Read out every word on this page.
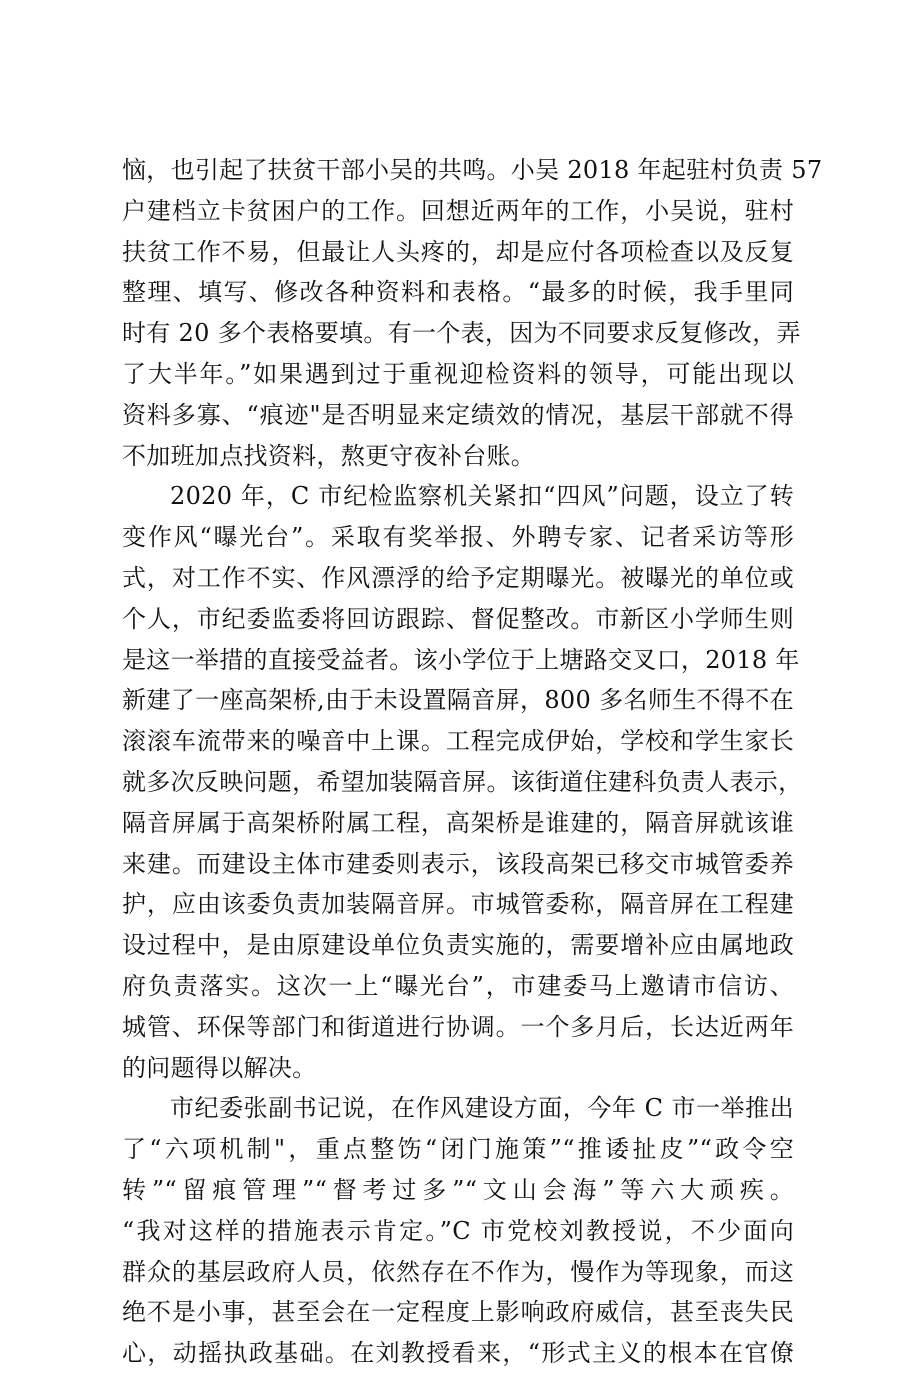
恼，也引起了扶贫干部小吴的共鸣。小吴 2018 年起驻村负责 57
户建档立卡贫困户的工作。回想近两年的工作，小吴说，驻村
扶贫工作不易，但最让人头疼的，却是应付各项检查以及反复
整理、填写、修改各种资料和表格。“最多的时候，我手里同
时有 20 多个表格要填。有一个表，因为不同要求反复修改，弄
了大半年。”如果遇到过于重视迎检资料的领导，可能出现以
资料多寡、“痕迹"是否明显来定绩效的情况，基层干部就不得
不加班加点找资料，熬更守夜补台账。
2020 年，C 市纪检监察机关紧扣“四风”问题，设立了转
变作风“曝光台”。采取有奖举报、外聘专家、记者采访等形
式，对工作不实、作风漂浮的给予定期曝光。被曝光的单位或
个人，市纪委监委将回访跟踪、督促整改。市新区小学师生则
是这一举措的直接受益者。该小学位于上塘路交叉口，2018 年
新建了一座高架桥,由于未设置隔音屏，800 多名师生不得不在
滚滚车流带来的噪音中上课。工程完成伊始，学校和学生家长
就多次反映问题，希望加装隔音屏。该街道住建科负责人表示，
隔音屏属于高架桥附属工程，高架桥是谁建的，隔音屏就该谁
来建。而建设主体市建委则表示，该段高架已移交市城管委养
护，应由该委负责加装隔音屏。市城管委称，隔音屏在工程建
设过程中，是由原建设单位负责实施的，需要增补应由属地政
府负责落实。这次一上“曝光台”，市建委马上邀请市信访、
城管、环保等部门和街道进行协调。一个多月后，长达近两年
的问题得以解决。
市纪委张副书记说，在作风建设方面，今年 C 市一举推出
了“六项机制"，重点整饬“闭门施策”“推诿扯皮”“政令空
转”“留痕管理”“督考过多”“文山会海”等六大顽疾。
“我对这样的措施表示肯定。”C 市党校刘教授说，不少面向
群众的基层政府人员，依然存在不作为，慢作为等现象，而这
绝不是小事，甚至会在一定程度上影响政府威信，甚至丧失民
心，动摇执政基础。在刘教授看来，“形式主义的根本在官僚
